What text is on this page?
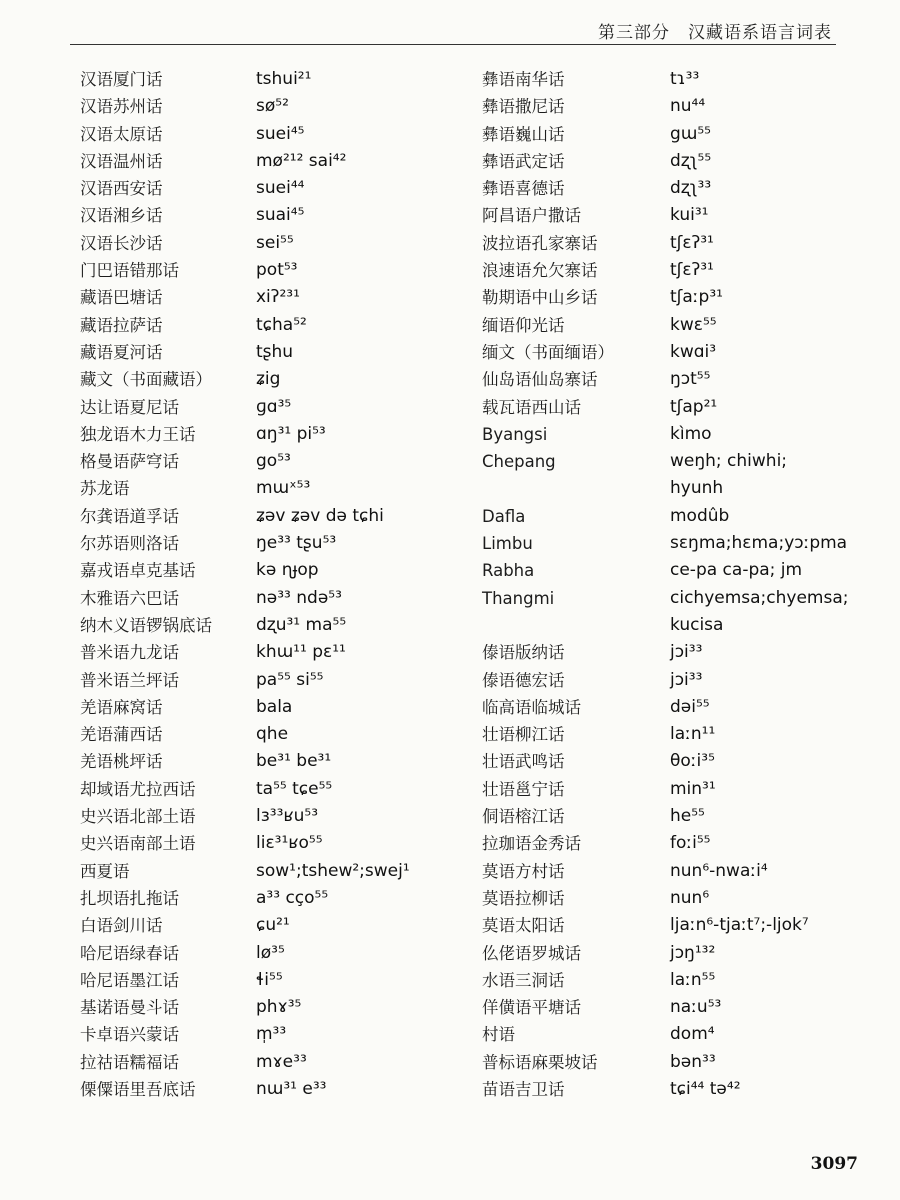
第三部分　汉藏语系语言词表
汉语厦门话	tshui²¹
汉语苏州话	sø⁵²
汉语太原话	suei⁴⁵
汉语温州话	mø²¹² sai⁴²
汉语西安话	suei⁴⁴
汉语湘乡话	suai⁴⁵
汉语长沙话	sei⁵⁵
门巴语错那话	pot⁵³
藏语巴塘话	xiʔ²³¹
藏语拉萨话	tɕha⁵²
藏语夏河话	tʂhu
藏文（书面藏语）	ʑig
达让语夏尼话	ɡɑ³⁵
独龙语木力王话	ɑŋ³¹ pi⁵³
格曼语萨穹话	go⁵³
苏龙语	mɯˣ⁵³
尔龚语道孚话	ʑəv ʑəv də tɕhi
尔苏语则洛话	ŋe³³ tʂu⁵³
嘉戎语卓克基话	kə ɳɟop
木雅语六巴话	nə³³ ndə⁵³
纳木义语锣锅底话	dʐu³¹ ma⁵⁵
普米语九龙话	khɯ¹¹ pɛ¹¹
普米语兰坪话	pa⁵⁵ si⁵⁵
羌语麻窝话	bala
羌语蒲西话	qhe
羌语桃坪话	be³¹ be³¹
却域语尤拉西话	ta⁵⁵ tɕe⁵⁵
史兴语北部土语	lɜ³³ʁu⁵³
史兴语南部土语	liɛ³¹ʁo⁵⁵
西夏语	sow¹;tshew²;swej¹
扎坝语扎拖话	a³³ cço⁵⁵
白语剑川话	ɕu²¹
哈尼语绿春话	lø³⁵
哈尼语墨江话	ɬi⁵⁵
基诺语曼斗话	phɤ³⁵
卡卓语兴蒙话	m̩³³
拉祜语糯福话	mɤe³³
傈僳语里吾底话	nɯ³¹ e³³
彝语南华话	tɿ³³
彝语撒尼话	nu⁴⁴
彝语巍山话	gɯ⁵⁵
彝语武定话	dʐʅ⁵⁵
彝语喜德话	dʐʅ³³
阿昌语户撒话	kui³¹
波拉语孔家寨话	tʃɛʔ³¹
浪速语允欠寨话	tʃɛʔ³¹
勒期语中山乡话	tʃaːp³¹
缅语仰光话	kwɛ⁵⁵
缅文（书面缅语）	kwɑi³
仙岛语仙岛寨话	ŋɔt⁵⁵
载瓦语西山话	tʃap²¹
Byangsi	kìmo
Chepang	weŋh; chiwhi;
hyunh
Dafla	modûb
Limbu	sɛŋma;hɛma;yɔːpma
Rabha	ce-pa ca-pa; jm
Thangmi	cichyemsa;chyemsa;
kucisa
傣语版纳话	jɔi³³
傣语德宏话	jɔi³³
临高语临城话	dəi⁵⁵
壮语柳江话	laːn¹¹
壮语武鸣话	θoːi³⁵
壮语邕宁话	min³¹
侗语榕江话	he⁵⁵
拉珈语金秀话	foːi⁵⁵
莫语方村话	nun⁶-nwaːi⁴
莫语拉柳话	nun⁶
莫语太阳话	ljaːn⁶-tjaːt⁷;-ljok⁷
仫佬语罗城话	jɔŋ¹³²
水语三洞话	laːn⁵⁵
佯僙语平塘话	naːu⁵³
村语	dom⁴
普标语麻栗坡话	bən³³
苗语吉卫话	tɕi⁴⁴ tə⁴²
3097
